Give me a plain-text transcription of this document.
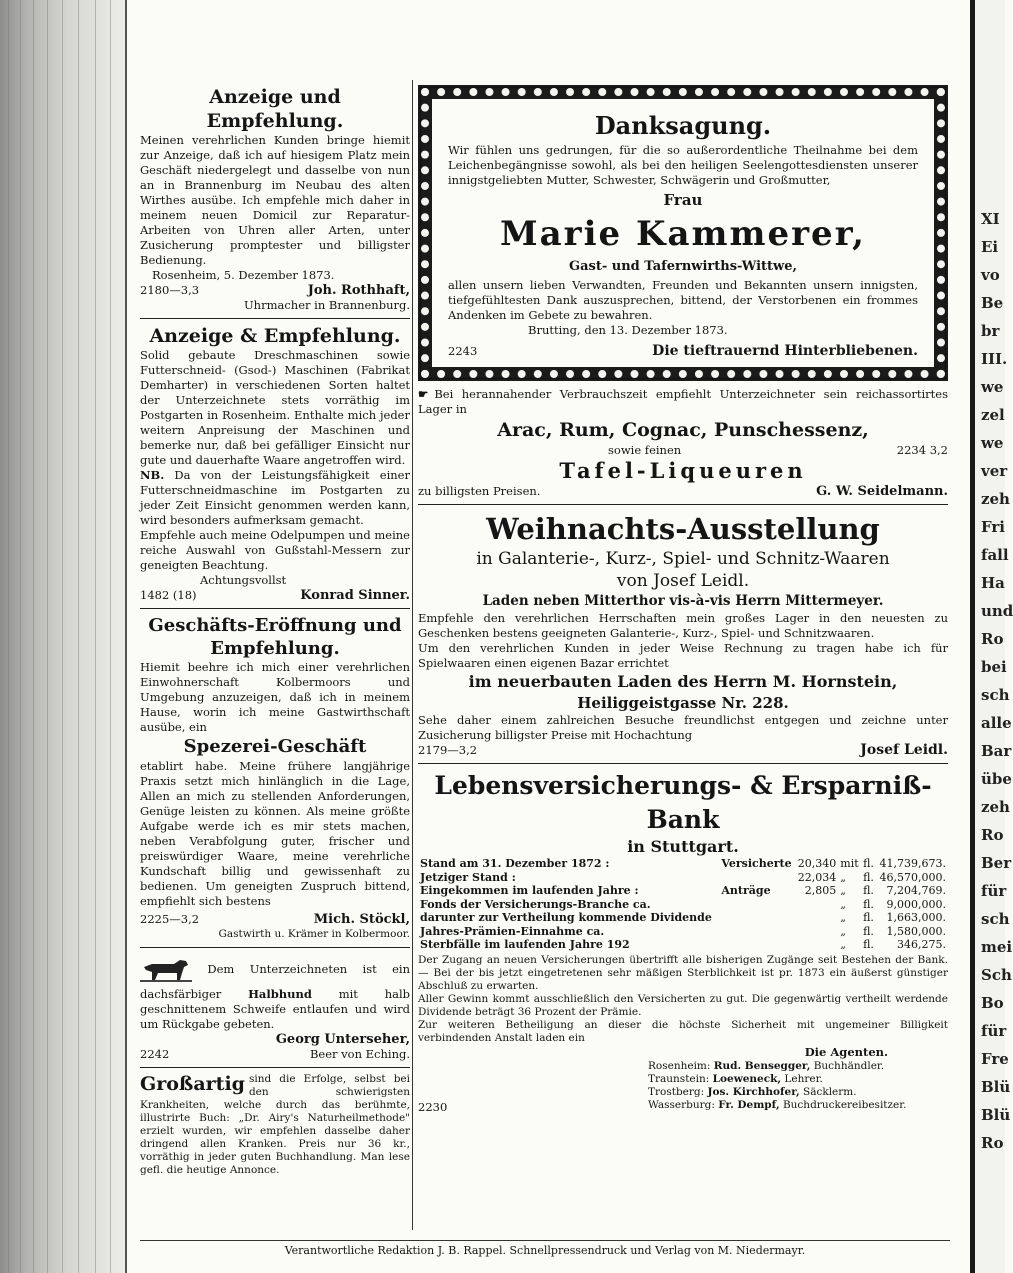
XI
Ei
vo
Be
br
III.
we
zel
we
ver
zeh
Fri
fall
Ha
und
Ro
bei
sch
alle
Bar
übe
zeh
Ro
Ber
für
sch
mei
Sch
Bo
für
Fre
Blü
Blü
Ro
Anzeige und Empfehlung.
Meinen verehrlichen Kunden bringe hiemit zur Anzeige, daß ich auf hiesigem Platz mein Geschäft niedergelegt und dasselbe von nun an in Brannenburg im Neubau des alten Wirthes ausübe. Ich empfehle mich daher in meinem neuen Domicil zur Reparatur-Arbeiten von Uhren aller Arten, unter Zusicherung promptester und billigster Bedienung.
Rosenheim, 5. Dezember 1873.
2180—3,3	Joh. Rothhaft,
Uhrmacher in Brannenburg.
Anzeige & Empfehlung.
Solid gebaute Dreschmaschinen sowie Futterschneid- (Gsod-) Maschinen (Fabrikat Demharter) in verschiedenen Sorten haltet der Unterzeichnete stets vorräthig im Postgarten in Rosenheim. Enthalte mich jeder weitern Anpreisung der Maschinen und bemerke nur, daß bei gefälliger Einsicht nur gute und dauerhafte Waare angetroffen wird.
NB. Da von der Leistungsfähigkeit einer Futterschneidmaschine im Postgarten zu jeder Zeit Einsicht genommen werden kann, wird besonders aufmerksam gemacht.
Empfehle auch meine Odelpumpen und meine reiche Auswahl von Gußstahl-Messern zur geneigten Beachtung.
Achtungsvollst
1482 (18)	Konrad Sinner.
Geschäfts-Eröffnung und Empfehlung.
Hiemit beehre ich mich einer verehrlichen Einwohnerschaft Kolbermoors und Umgebung anzuzeigen, daß ich in meinem Hause, worin ich meine Gastwirthschaft ausübe, ein
Spezerei-Geschäft
etablirt habe. Meine frühere langjährige Praxis setzt mich hinlänglich in die Lage, Allen an mich zu stellenden Anforderungen, Genüge leisten zu können. Als meine größte Aufgabe werde ich es mir stets machen, neben Verabfolgung guter, frischer und preiswürdiger Waare, meine verehrliche Kundschaft billig und gewissenhaft zu bedienen. Um geneigten Zuspruch bittend, empfiehlt sich bestens
2225—3,2	Mich. Stöckl,
Gastwirth u. Krämer in Kolbermoor.
Dem Unterzeichneten ist ein dachsfärbiger Halbhund mit halb geschnittenem Schweife entlaufen und wird um Rückgabe gebeten.
Georg Unterseher,
2242	Beer von Eching.
Großartig sind die Erfolge, selbst bei den schwierigsten Krankheiten, welche durch das berühmte, illustrirte Buch: „Dr. Airy's Naturheilmethode" erzielt wurden, wir empfehlen dasselbe daher dringend allen Kranken. Preis nur 36 kr., vorräthig in jeder guten Buchhandlung. Man lese gefl. die heutige Annonce.
Danksagung.
Wir fühlen uns gedrungen, für die so außerordentliche Theilnahme bei dem Leichenbegängnisse sowohl, als bei den heiligen Seelengottesdiensten unserer innigstgeliebten Mutter, Schwester, Schwägerin und Großmutter,
Frau
Marie Kammerer,
Gast- und Tafernwirths-Wittwe,
allen unsern lieben Verwandten, Freunden und Bekannten unsern innigsten, tiefgefühltesten Dank auszusprechen, bittend, der Verstorbenen ein frommes Andenken im Gebete zu bewahren.
Brutting, den 13. Dezember 1873.
2243	Die tieftrauernd Hinterbliebenen.
☛ Bei herannahender Verbrauchszeit empfiehlt Unterzeichneter sein reichassortirtes Lager in
Arac, Rum, Cognac, Punschessenz,
sowie feinen	2234 3,2
Tafel-Liqueuren
zu billigsten Preisen.	G. W. Seidelmann.
Weihnachts-Ausstellung
in Galanterie-, Kurz-, Spiel- und Schnitz-Waaren
von Josef Leidl.
Laden neben Mitterthor vis-à-vis Herrn Mittermeyer.
Empfehle den verehrlichen Herrschaften mein großes Lager in den neuesten zu Geschenken bestens geeigneten Galanterie-, Kurz-, Spiel- und Schnitzwaaren.
Um den verehrlichen Kunden in jeder Weise Rechnung zu tragen habe ich für Spielwaaren einen eigenen Bazar errichtet
im neuerbauten Laden des Herrn M. Hornstein,
Heiliggeistgasse Nr. 228.
Sehe daher einem zahlreichen Besuche freundlichst entgegen und zeichne unter Zusicherung billigster Preise mit Hochachtung
2179—3,2	Josef Leidl.
Lebensversicherungs- & Ersparniß-Bank
in Stuttgart.
Stand am 31. Dezember 1872 :	Versicherte	20,340	mit	fl.	41,739,673.
Jetziger Stand :		22,034	„	fl.	46,570,000.
Eingekommen im laufenden Jahre :	Anträge	2,805	„	fl.	7,204,769.
Fonds der Versicherungs-Branche ca.			„	fl.	9,000,000.
darunter zur Vertheilung kommende Dividende			„	fl.	1,663,000.
Jahres-Prämien-Einnahme ca.			„	fl.	1,580,000.
Sterbfälle im laufenden Jahre 192			„	fl.	346,275.
Der Zugang an neuen Versicherungen übertrifft alle bisherigen Zugänge seit Bestehen der Bank. — Bei der bis jetzt eingetretenen sehr mäßigen Sterblichkeit ist pr. 1873 ein äußerst günstiger Abschluß zu erwarten.
Aller Gewinn kommt ausschließlich den Versicherten zu gut. Die gegenwärtig vertheilt werdende Dividende beträgt 36 Prozent der Prämie.
Zur weiteren Betheiligung an dieser die höchste Sicherheit mit ungemeiner Billigkeit verbindenden Anstalt laden ein
Die Agenten.
Rosenheim: Rud. Bensegger, Buchhändler.
Traunstein: Loeweneck, Lehrer.
Trostberg: Jos. Kirchhofer, Säcklerm.
Wasserburg: Fr. Dempf, Buchdruckereibesitzer.
2230
Verantwortliche Redaktion J. B. Rappel. Schnellpressendruck und Verlag von M. Niedermayr.
